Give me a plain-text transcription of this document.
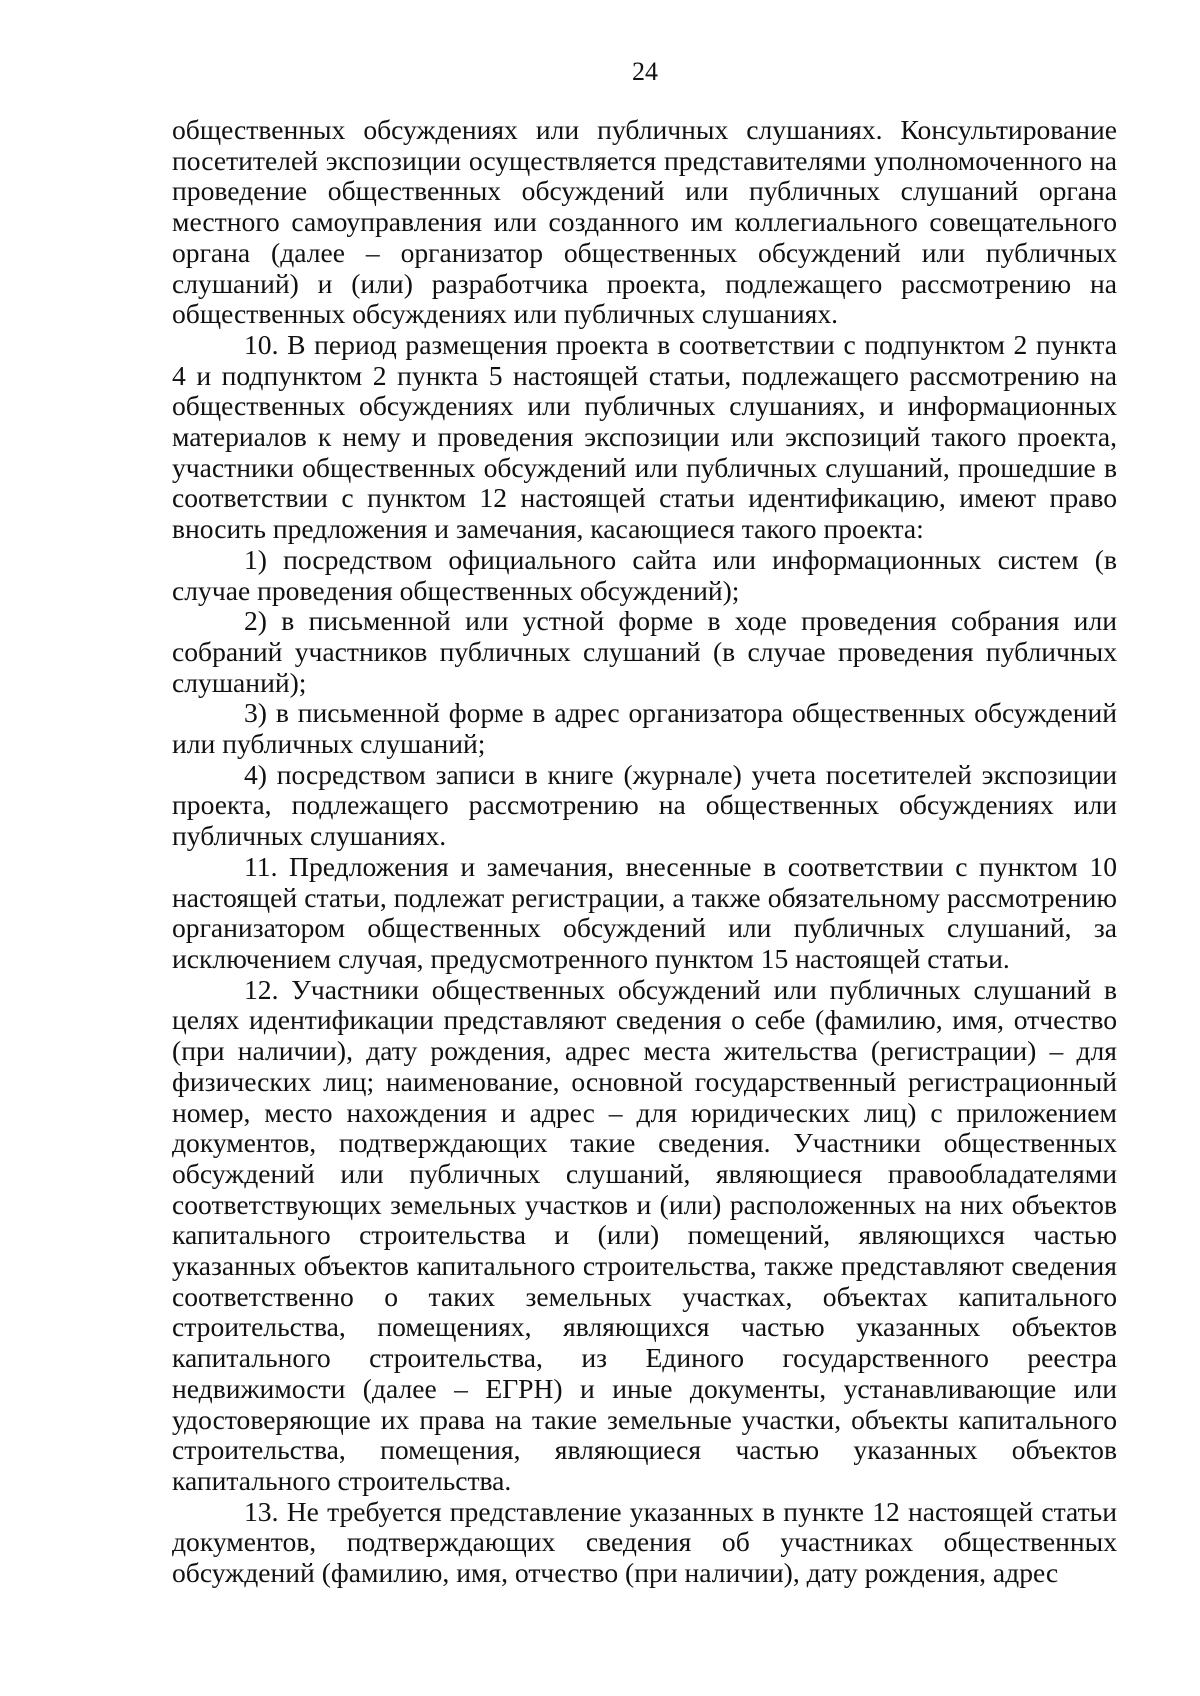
24

общественных обсуждениях или публичных слушаниях. Консультирование посетителей экспозиции осуществляется представителями уполномоченного на проведение общественных обсуждений или публичных слушаний органа местного самоуправления или созданного им коллегиального совещательного органа (далее – организатор общественных обсуждений или публичных слушаний) и (или) разработчика проекта, подлежащего рассмотрению на общественных обсуждениях или публичных слушаниях.

10. В период размещения проекта в соответствии с подпунктом 2 пункта 4 и подпунктом 2 пункта 5 настоящей статьи, подлежащего рассмотрению на общественных обсуждениях или публичных слушаниях, и информационных материалов к нему и проведения экспозиции или экспозиций такого проекта, участники общественных обсуждений или публичных слушаний, прошедшие в соответствии с пунктом 12 настоящей статьи идентификацию, имеют право вносить предложения и замечания, касающиеся такого проекта:

1) посредством официального сайта или информационных систем (в случае проведения общественных обсуждений);

2) в письменной или устной форме в ходе проведения собрания или собраний участников публичных слушаний (в случае проведения публичных слушаний);

3) в письменной форме в адрес организатора общественных обсуждений или публичных слушаний;

4) посредством записи в книге (журнале) учета посетителей экспозиции проекта, подлежащего рассмотрению на общественных обсуждениях или публичных слушаниях.

11. Предложения и замечания, внесенные в соответствии с пунктом 10 настоящей статьи, подлежат регистрации, а также обязательному рассмотрению организатором общественных обсуждений или публичных слушаний, за исключением случая, предусмотренного пунктом 15 настоящей статьи.

12. Участники общественных обсуждений или публичных слушаний в целях идентификации представляют сведения о себе (фамилию, имя, отчество (при наличии), дату рождения, адрес места жительства (регистрации) – для физических лиц; наименование, основной государственный регистрационный номер, место нахождения и адрес – для юридических лиц) с приложением документов, подтверждающих такие сведения. Участники общественных обсуждений или публичных слушаний, являющиеся правообладателями соответствующих земельных участков и (или) расположенных на них объектов капитального строительства и (или) помещений, являющихся частью указанных объектов капитального строительства, также представляют сведения соответственно о таких земельных участках, объектах капитального строительства, помещениях, являющихся частью указанных объектов капитального строительства, из Единого государственного реестра недвижимости (далее – ЕГРН) и иные документы, устанавливающие или удостоверяющие их права на такие земельные участки, объекты капитального строительства, помещения, являющиеся частью указанных объектов капитального строительства.

13. Не требуется представление указанных в пункте 12 настоящей статьи документов, подтверждающих сведения об участниках общественных обсуждений (фамилию, имя, отчество (при наличии), дату рождения, адрес
